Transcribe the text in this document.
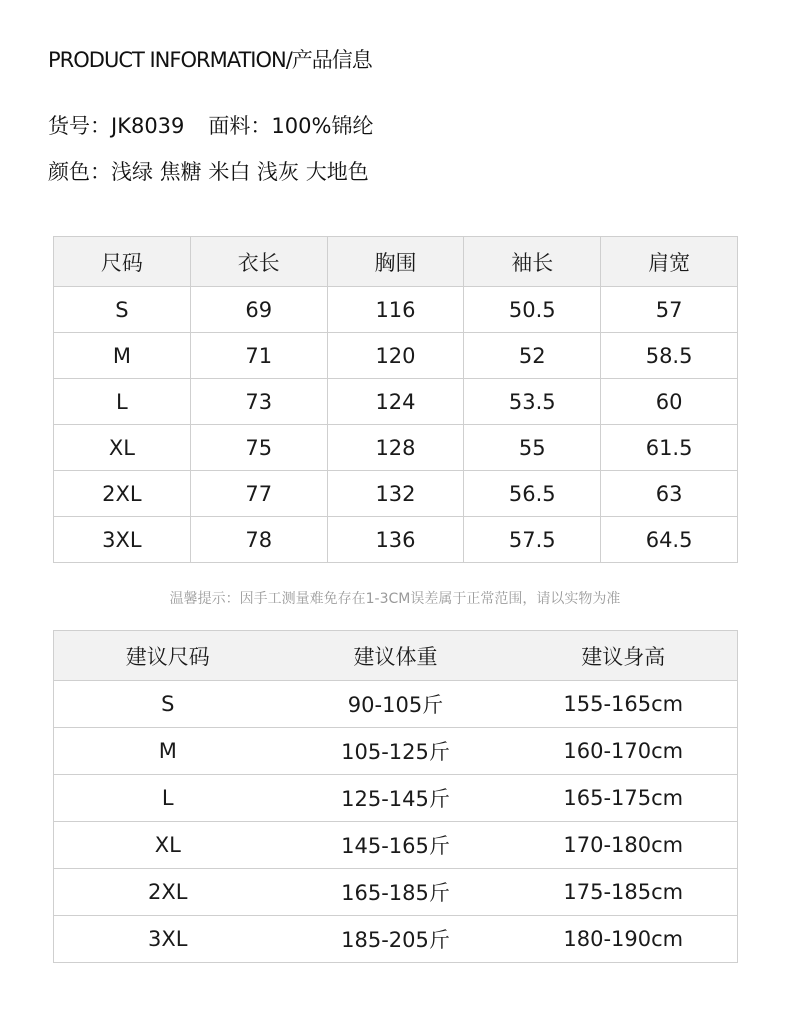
PRODUCT INFORMATION/产品信息
货号：JK8039 面料：100%锦纶
颜色：浅绿 焦糖 米白 浅灰 大地色
尺码	衣长	胸围	袖长	肩宽
S	69	116	50.5	57
M	71	120	52	58.5
L	73	124	53.5	60
XL	75	128	55	61.5
2XL	77	132	56.5	63
3XL	78	136	57.5	64.5
温馨提示：因手工测量难免存在1-3CM误差属于正常范围，请以实物为准
建议尺码	建议体重	建议身高
S	90-105斤	155-165cm
M	105-125斤	160-170cm
L	125-145斤	165-175cm
XL	145-165斤	170-180cm
2XL	165-185斤	175-185cm
3XL	185-205斤	180-190cm
